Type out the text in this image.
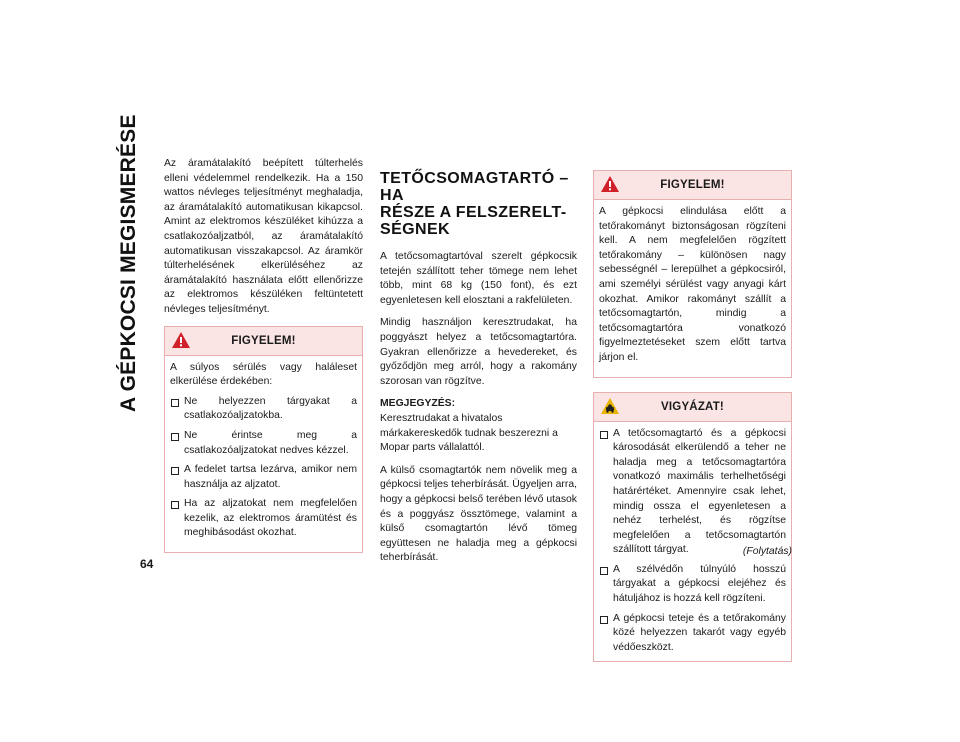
A GÉPKOCSI MEGISMERÉSE
64

Az áramátalakító beépített túlterhelés elleni védelemmel rendelkezik. Ha a 150 wattos névleges teljesítményt meghaladja, az áramátalakító automatikusan kikapcsol. Amint az elektromos készüléket kihúzza a csatlakozóaljzatból, az áramátalakító automatikusan visszakapcsol. Az áramkör túlterhelésének elkerüléséhez az áramátalakító használata előtt ellenőrizze az elektromos készüléken feltüntetett névleges teljesítményt.

FIGYELEM!

A súlyos sérülés vagy haláleset elkerülése érdekében:

Ne helyezzen tárgyakat a csatlakozóaljzatokba.
Ne érintse meg a csatlakozóaljzatokat nedves kézzel.
A fedelet tartsa lezárva, amikor nem használja az aljzatot.
Ha az aljzatokat nem megfelelően kezelik, az elektromos áramütést és meghibásodást okozhat.
TETŐCSOMAGTARTÓ – HA
RÉSZE A FELSZERELT-
SÉGNEK

A tetőcsomagtartóval szerelt gépkocsik tetején szállított teher tömege nem lehet több, mint 68 kg (150 font), és ezt egyenletesen kell elosztani a rakfelületen.

Mindig használjon keresztrudakat, ha poggyászt helyez a tetőcsomagtartóra. Gyakran ellenőrizze a hevedereket, és győződjön meg arról, hogy a rakomány szorosan van rögzítve.

MEGJEGYZÉS:
Keresztrudakat a hivatalos márkakereskedők tudnak beszerezni a Mopar parts vállalattól.

A külső csomagtartók nem növelik meg a gépkocsi teljes teherbírását. Ügyeljen arra, hogy a gépkocsi belső terében lévő utasok és a poggyász össztömege, valamint a külső csomagtartón lévő tömeg együttesen ne haladja meg a gépkocsi teherbírását.

FIGYELEM!

A gépkocsi elindulása előtt a tetőrakományt biztonságosan rögzíteni kell. A nem megfelelően rögzített tetőrakomány – különösen nagy sebességnél – lerepülhet a gépkocsiról, ami személyi sérülést vagy anyagi kárt okozhat. Amikor rakományt szállít a tetőcsomagtartón, mindig a tetőcsomagtartóra vonatkozó figyelmeztetéseket szem előtt tartva járjon el.

VIGYÁZAT!
A tetőcsomagtartó és a gépkocsi károsodását elkerülendő a teher ne haladja meg a tetőcsomagtartóra vonatkozó maximális terhelhetőségi határértéket. Amennyire csak lehet, mindig ossza el egyenletesen a nehéz terhelést, és rögzítse megfelelően a tetőcsomagtartón szállított tárgyat.
A szélvédőn túlnyúló hosszú tárgyakat a gépkocsi elejéhez és hátuljához is hozzá kell rögzíteni.
A gépkocsi teteje és a tetőrakomány közé helyezzen takarót vagy egyéb védőeszközt.
(Folytatás)
